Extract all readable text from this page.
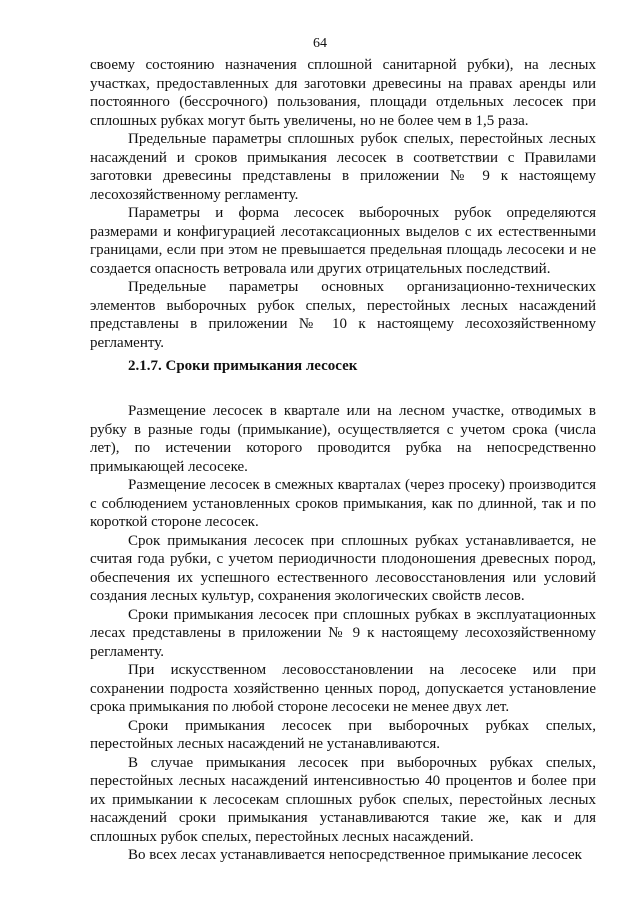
64

своему состоянию назначения сплошной санитарной рубки), на лесных участках, предоставленных для заготовки древесины на правах аренды или постоянного (бессрочного) пользования, площади отдельных лесосек при сплошных рубках могут быть увеличены, но не более чем в 1,5 раза.

Предельные параметры сплошных рубок спелых, перестойных лесных насаждений и сроков примыкания лесосек в соответствии с Правилами заготовки древесины представлены в приложении № 9 к настоящему лесохозяйственному регламенту.

Параметры и форма лесосек выборочных рубок определяются размерами и конфигурацией лесотаксационных выделов с их естественными границами, если при этом не превышается предельная площадь лесосеки и не создается опасность ветровала или других отрицательных последствий.

Предельные параметры основных организационно-технических элементов выборочных рубок спелых, перестойных лесных насаждений представлены в приложении № 10 к настоящему лесохозяйственному регламенту.

2.1.7. Сроки примыкания лесосек

Размещение лесосек в квартале или на лесном участке, отводимых в рубку в разные годы (примыкание), осуществляется с учетом срока (числа лет), по истечении которого проводится рубка на непосредственно примыкающей лесосеке.

Размещение лесосек в смежных кварталах (через просеку) производится с соблюдением установленных сроков примыкания, как по длинной, так и по короткой стороне лесосек.

Срок примыкания лесосек при сплошных рубках устанавливается, не считая года рубки, с учетом периодичности плодоношения древесных пород, обеспечения их успешного естественного лесовосстановления или условий создания лесных культур, сохранения экологических свойств лесов.

Сроки примыкания лесосек при сплошных рубках в эксплуатационных лесах представлены в приложении № 9 к настоящему лесохозяйственному регламенту.

При искусственном лесовосстановлении на лесосеке или при сохранении подроста хозяйственно ценных пород, допускается установление срока примыкания по любой стороне лесосеки не менее двух лет.

Сроки примыкания лесосек при выборочных рубках спелых, перестойных лесных насаждений не устанавливаются.

В случае примыкания лесосек при выборочных рубках спелых, перестойных лесных насаждений интенсивностью 40 процентов и более при их примыкании к лесосекам сплошных рубок спелых, перестойных лесных насаждений сроки примыкания устанавливаются такие же, как и для сплошных рубок спелых, перестойных лесных насаждений.

Во всех лесах устанавливается непосредственное примыкание лесосек
